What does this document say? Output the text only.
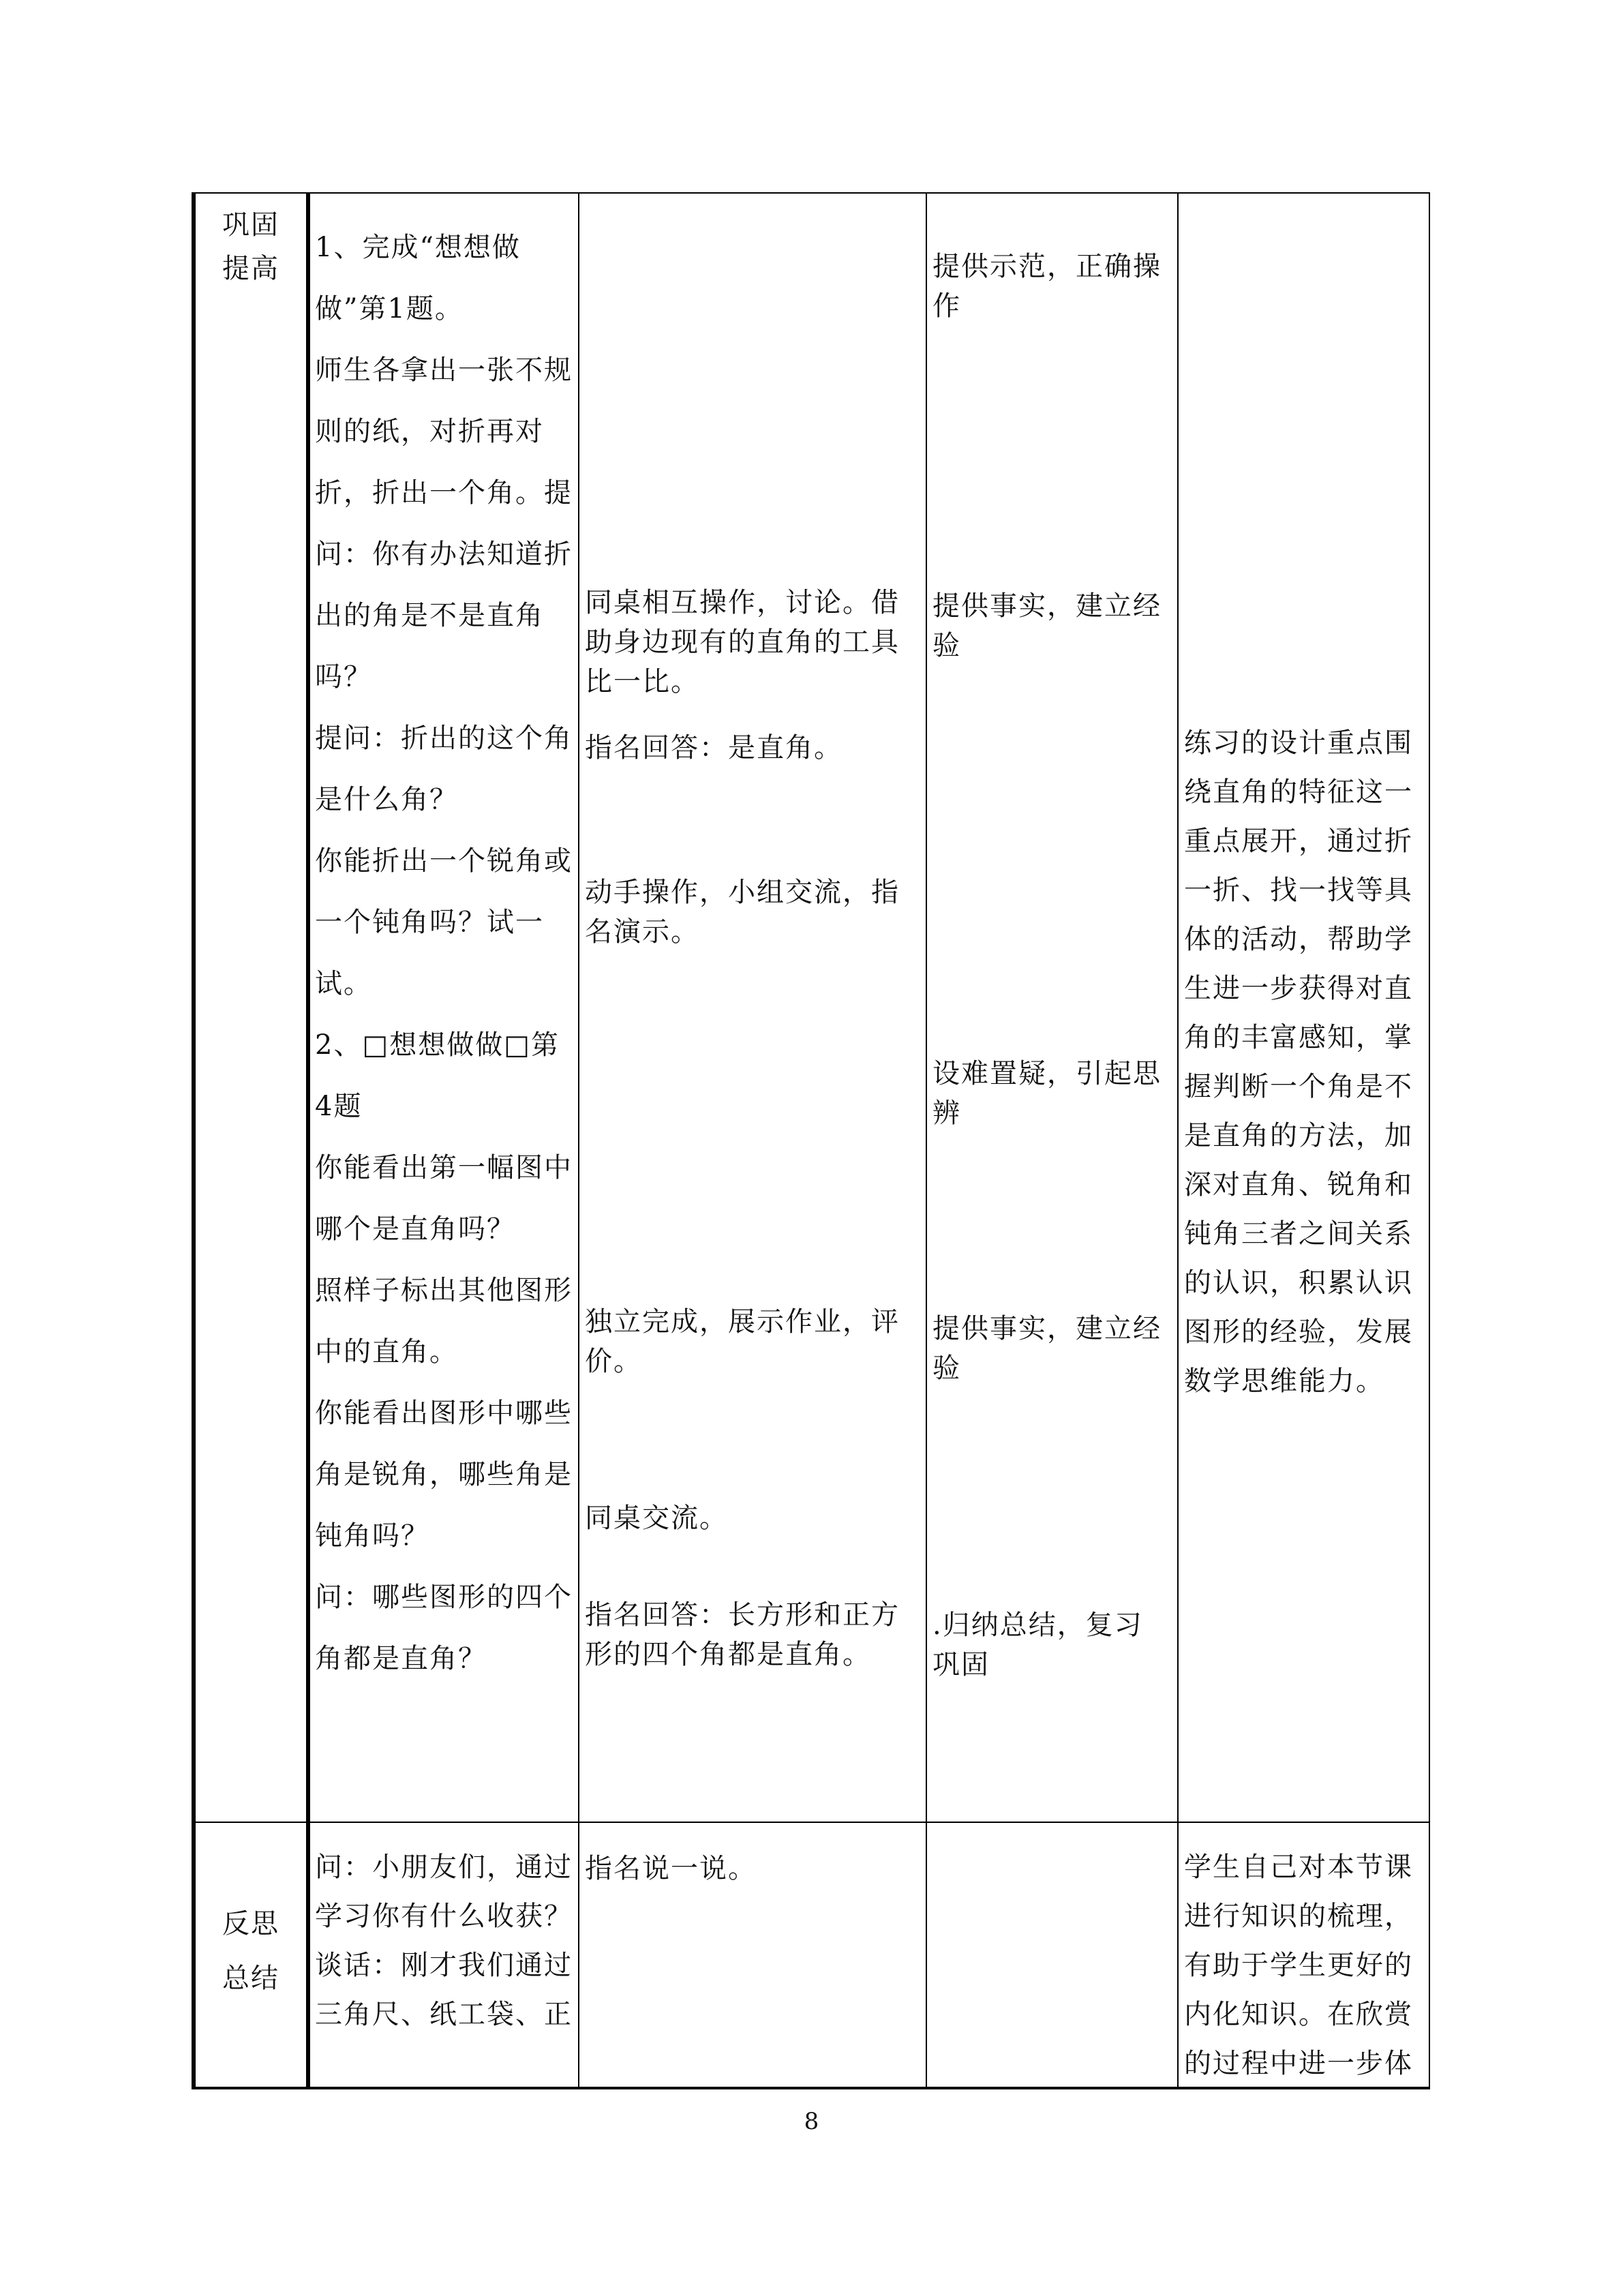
巩固
提高

1、完成“想想做做”第1题。

师生各拿出一张不规则的纸，对折再对折，折出一个角。提问：你有办法知道折出的角是不是直角吗？

提问：折出的这个角是什么角？

你能折出一个锐角或一个钝角吗？试一试。

2、□想想做做□第4题

你能看出第一幅图中哪个是直角吗？

照样子标出其他图形中的直角。

你能看出图形中哪些角是锐角，哪些角是钝角吗？

问：哪些图形的四个角都是直角？

同桌相互操作，讨论。借助身边现有的直角的工具比一比。

指名回答：是直角。

动手操作，小组交流，指名演示。

独立完成，展示作业，评价。

同桌交流。

指名回答：长方形和正方形的四个角都是直角。

提供示范，正确操作

提供事实，建立经验

设难置疑，引起思辨

提供事实，建立经验

.归纳总结，复习巩固

练习的设计重点围绕直角的特征这一重点展开，通过折一折、找一找等具体的活动，帮助学生进一步获得对直角的丰富感知，掌握判断一个角是不是直角的方法，加深对直角、锐角和钝角三者之间关系的认识，积累认识图形的经验，发展数学思维能力。

反思
总结

问：小朋友们，通过学习你有什么收获？谈话：刚才我们通过三角尺、纸工袋、正

指名说一说。	学生自己对本节课进行知识的梳理，有助于学生更好的内化知识。在欣赏的过程中进一步体

8
